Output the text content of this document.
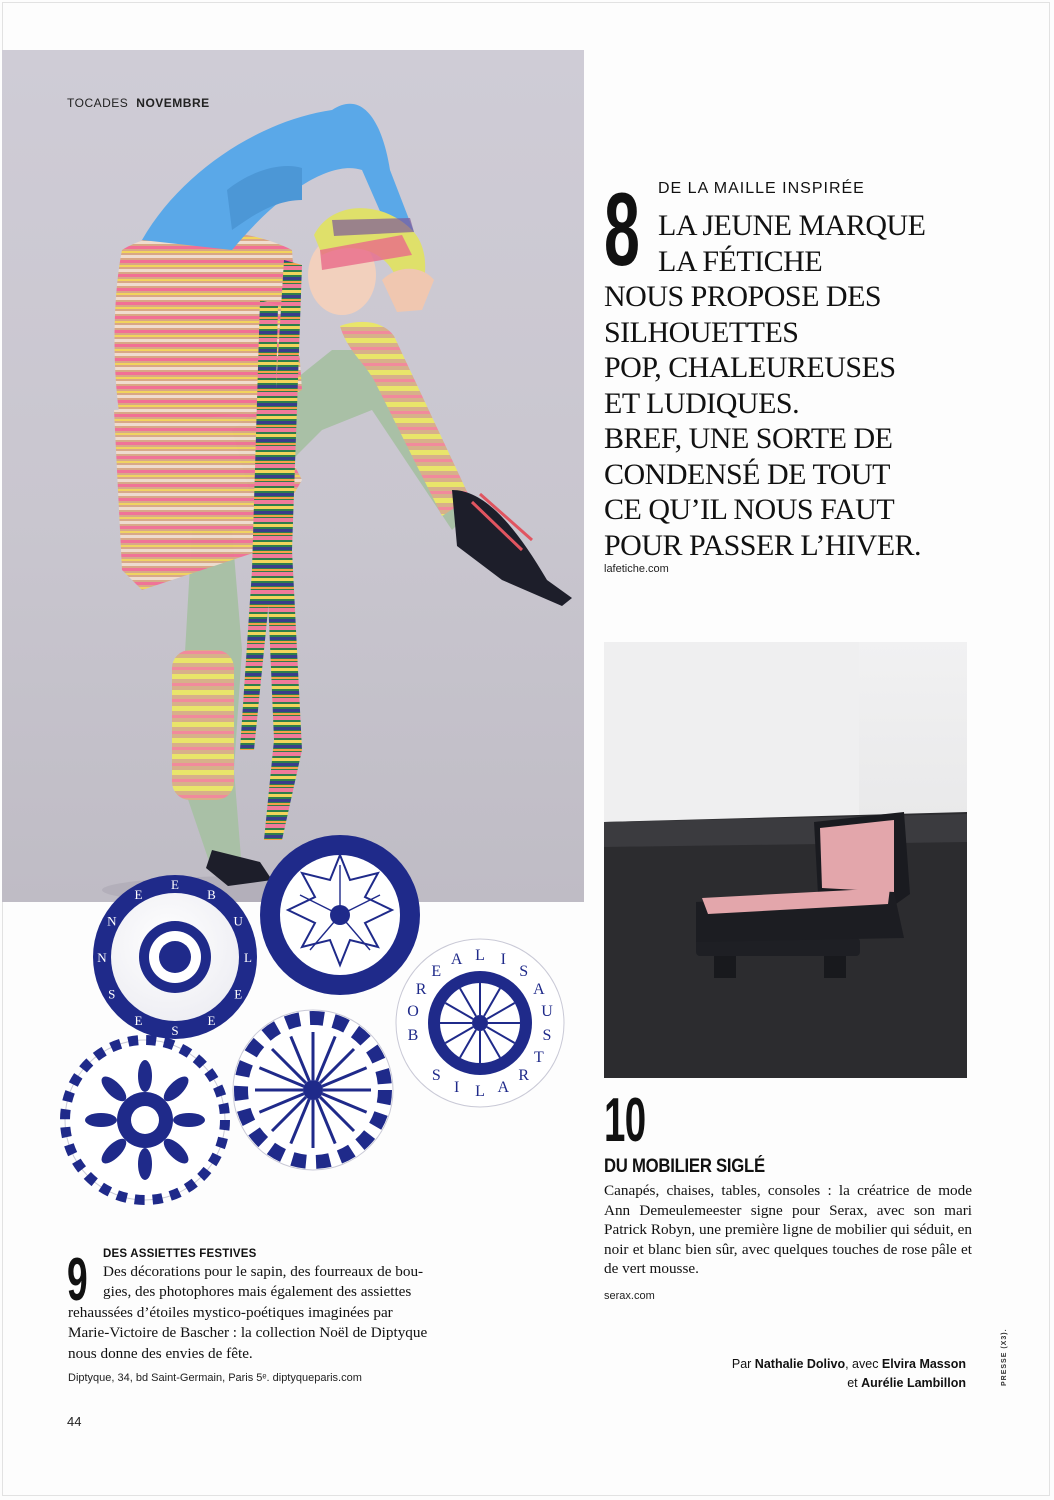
TOCADES NOVEMBRE
8 DE LA MAILLE INSPIRÉE

LA JEUNE MARQUE
LA FÉTICHE
NOUS PROPOSE DES
SILHOUETTES
POP, CHALEUREUSES
ET LUDIQUES.
BREF, UNE SORTE DE
CONDENSÉ DE TOUT
CE QU’IL NOUS FAUT
POUR PASSER L’HIVER.

lafetiche.com
10
DU MOBILIER SIGLÉ

Canapés, chaises, tables, consoles : la créatrice de mode Ann Demeulemeester signe pour Serax, avec son mari Patrick Robyn, une première ligne de mobilier qui séduit, en noir et blanc bien sûr, avec quelques touches de rose pâle et de vert mousse.

serax.com
S
N
N
E
E
B
U
L
E
E
S
E
B
O
R
E
A L I
S
A
U
S
T
R
A
L
I
S
9 DES ASSIETTES FESTIVES

Des décorations pour le sapin, des fourreaux de bou-
gies, des photophores mais également des assiettes
rehaussées d’étoiles mystico-poétiques imaginées par
Marie-Victoire de Bascher : la collection Noël de Diptyque
nous donne des envies de fête.

Diptyque, 34, bd Saint-Germain, Paris 5ᵉ. diptyqueparis.com
Par Nathalie Dolivo, avec Elvira Masson
et Aurélie Lambillon	PRESSE (X3).
44
